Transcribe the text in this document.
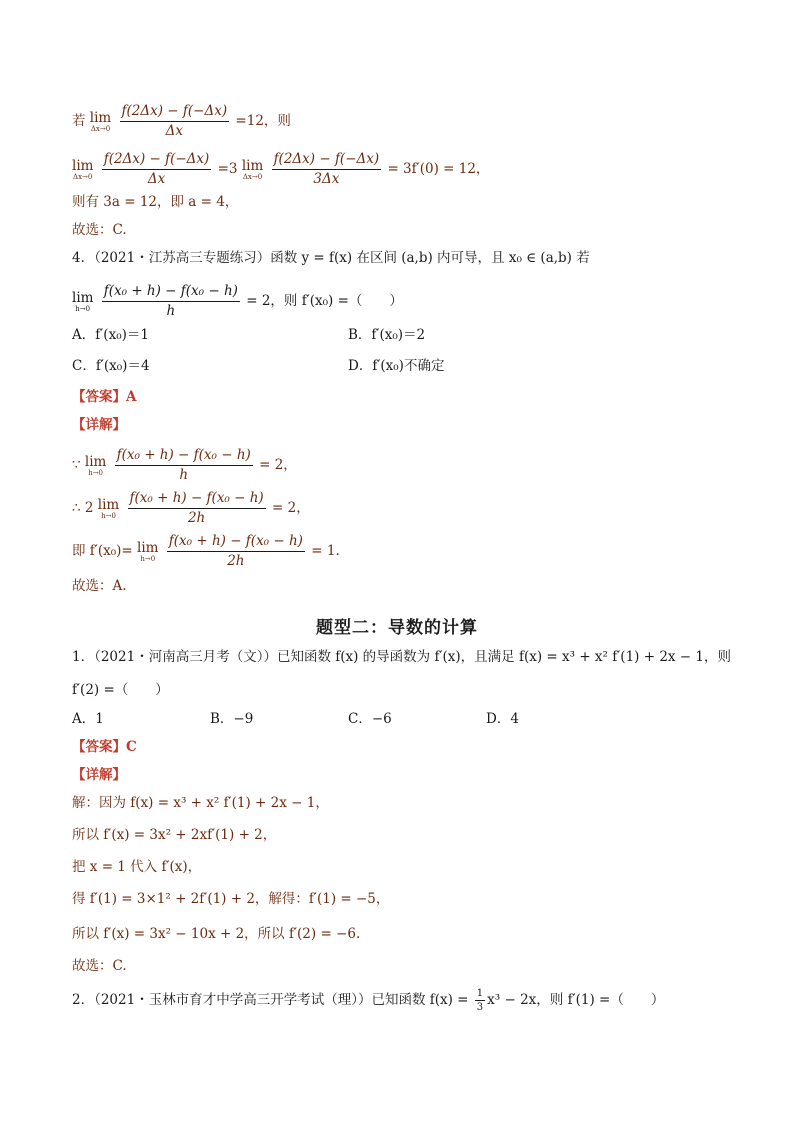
若 lim
Δx→0
$\frac{f(2\Delta x) - f(-\Delta x)}{\Delta x} =12$，则
lim
Δx→0
$\frac{f(2\Delta x) - f(-\Delta x)}{\Delta x} =3$ lim
Δx→0
$\frac{f(2\Delta x) - f(-\Delta x)}{3\Delta x} = 3f'(0) = 12$，
则有 3a = 12，即 a = 4，
故选：C.
4．（2021・江苏高三专题练习）函数 y = f(x) 在区间 (a,b) 内可导，且 x₀ ∈ (a,b) 若
lim
h→0
$\frac{\text{f(x₀ + h) − f(x₀ − h)}}{h} = 2$，则 f′(x₀) =（　　）
A．f′(x₀)＝1	B．f′(x₀)＝2
C．f′(x₀)＝4	D．f′(x₀)不确定
【答案】A
【详解】
∵ lim
h→0
$\frac{\text{f(x₀ + h) − f(x₀ − h)}}{h} = 2$，
∴ 2 lim
h→0
$\frac{\text{f(x₀ + h) − f(x₀ − h)}}{2h} = 2$，
即 f′(x₀)= lim
h→0
$\frac{\text{f(x₀ + h) − f(x₀ − h)}}{2h} = 1$.
故选：A.
题型二：导数的计算
1．（2021・河南高三月考（文））已知函数 f(x) 的导函数为 f′(x)，且满足 f(x) = x³ + x² f′(1) + 2x − 1，则
f′(2) =（　　）
A．1	B．−9	C．−6	D．4
【答案】C
【详解】
解：因为 f(x) = x³ + x² f′(1) + 2x − 1，
所以 f′(x) = 3x² + 2xf′(1) + 2，
把 x = 1 代入 f′(x)，
得 f′(1) = 3×1² + 2f′(1) + 2，解得：f′(1) = −5，
所以 f′(x) = 3x² − 10x + 2，所以 f′(2) = −6.
故选：C.
2．（2021・玉林市育才中学高三开学考试（理））已知函数 $f(x) = \frac{1}{3} x^3 - 2x$，则 f′(1) =（　　）
